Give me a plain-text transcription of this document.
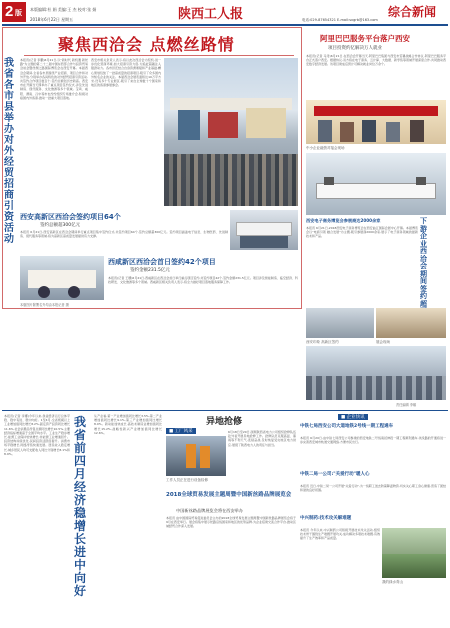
2 版 本版编辑:杜 娟 美编:王 杰 校对:张 娟
2018年6月22日 星期五	陕西工人报	综合新闻
电话:029-87654321 E-mail:sxgrb@163.com
聚焦西洽会 点燃丝路情
我省各市县举办对外经贸招商引资活动
本报讯(记者 李鹏)6月21日,以"新时代 新机遇 新丝路"为主题的第二十二届中国东西部合作与投资贸易洽谈会暨丝绸之路国际博览会在西安开幕。本届西洽会期间,全省各市县围绕产业招商、项目合作和对外开放,分别举办各具特色的对外经贸招商引资活动,共签约合作项目数百个,签约总额创历史新高。西安市在开幕当天即举办了重点项目签约仪式,涉及先进制造、现代服务、文化旅游等多个领域。宝鸡、咸阳、渭南、汉中等市也纷纷组织专场推介会,积极对接国内外客商,推动一批重大项目落地。
西安市相关负责人表示,将以此次西洽会为契机,进一步优化营商环境,加大招商引资力度,为追赶超越注入强劲动力。各市县还结合自身资源禀赋和产业基础,精心策划包装了一批高质量的招商项目,吸引了众多国内外知名企业的关注。本届西洽会展览面积达10万平方米,设有多个专业展区,吸引了来自全球数十个国家和地区的客商参展参会。
西安高新区西洽会签约项目64个
签约总额超300亿元
本报讯 6月21日,西安高新区在西洽会期间举行重点项目集中签约仪式,共签约项目64个,签约总额超300亿元。签约项目涵盖电子信息、生物医药、先进制造、现代服务等领域,将为高新区高质量发展提供有力支撑。
西咸新区西洽会首日签约42个项目
签约金额231.5亿元
本报讯(记者 王娜)6月21日,西咸新区在西洽会首日举行重点项目签约,共签约项目42个,签约金额231.5亿元。项目涉及智能制造、临空经济、科技研发、文化旅游等多个领域。西咸新区相关负责人表示,将全力做好项目落地服务保障工作。
本版图片除署名外均由本报记者 摄
阿里巴巴服务平台落户西安
项目投资约亿解决万人就业
本报讯(记者 马涛)6月21日,在西洽会开幕当天,阿里巴巴集团与西安市签署战略合作协议,阿里巴巴服务平台正式落户西安。根据协议,双方将在电子商务、云计算、大数据、新零售等领域开展深度合作,共同推动西安数字经济发展。该项目建成后预计可解决就业岗位万余个。
中小企业融资对接会现场
西安电子商务博览会参展商达2000余家
本报讯 6月21日,2018西安电子商务博览会在西安曲江国际会展中心开幕。本届博览会以"电商引领 融合发展"为主题,吸引参展商2000余家,展示了电子商务领域的最新技术和产品。
下游企业西洽会期间签约超
西安印象 高新区签约	展会现场
责任编辑 李娜
本报讯(记者 李娜)今年以来,我省经济运行总体平稳、稳中有进、稳中向好。1至4月,全省规模以上工业增加值同比增长8.2%,固定资产投资同比增长11.6%,社会消费品零售总额同比增长10.5%,主要经济指标增速高于全国平均水平。工业生产稳步增长,能源工业保持较快增长,非能源工业增速回升。投资结构持续优化,民间投资活跃度提升。消费市场平稳增长,网络零售快速发展。居民收入稳定增长,城乡居民人均可支配收入同比分别增长8.1%和8.9%。
我省前四月经济稳增长进中向好
从产业看,第一产业增加值同比增长3.5%,第二产业增加值同比增长9.1%,第三产业增加值同比增长8.0%。新动能加快成长,高技术制造业增加值同比增长15.2%,战略性新兴产业增加值同比增长12.6%。
异地抢修
■ 工厂风采	6月18日至20日,国网陕西省电力公司组织抢修队伍赴外省开展异地抢修工作。抢修队员克服高温、暴雨等不利天气,连续奋战,及时恢复受灾地区电力供应,展现了陕西电力人的责任与担当。
工作人员正在进行设备检修
2018全球贸易发展主题周暨中国新丝路品牌展览会
中国新丝路品牌展览会将在西安举办
本报讯 由中国国际贸易促进委员会主办的2018全球贸易发展主题周暨中国新丝路品牌展览会将于9月在西安举行。展会将集中展示丝路沿线国家和地区的优势品牌,为企业搭建交流合作平台,推动区域经贸合作深入发展。
■ 企业快讯
中铁七局西安公司大道地铁2号线一期工程通车
本报讯 6月20日,由中铁七局西安公司参建的西安地铁二号线南延伸段一期工程顺利通车,该线路的开通将进一步完善西安城市轨道交通网络,方便市民出行。
中铁二局一公司:"关爱行动"暖人心
本报讯 近日,中铁二局一公司开展"关爱行动",为一线职工送去防暑降温物资,切实关心职工身心健康,营造了团结和谐的良好氛围。
中兴制药:技术攻关解难题
本报讯 今年以来,中兴制药公司积极开展技术攻关活动,组织技术骨干围绕生产难题开展攻关,成功解决多项技术难题,有效提升了生产效率和产品质量。
我的绿水青山
